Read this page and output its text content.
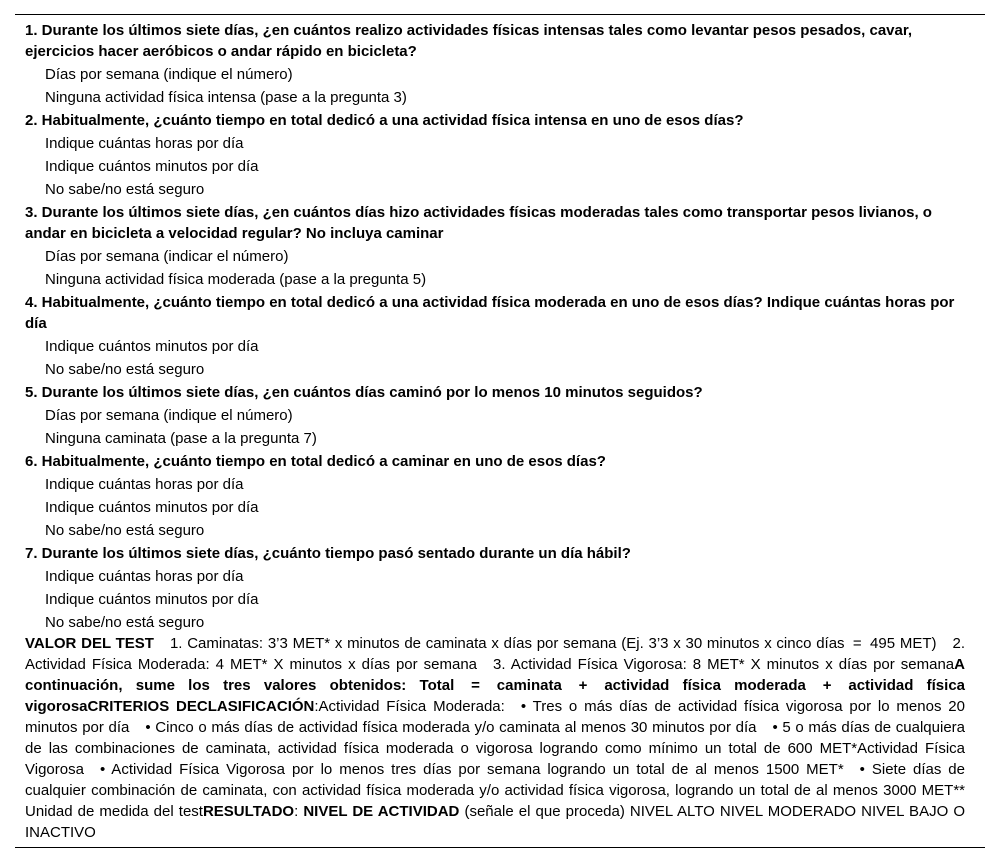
1. Durante los últimos siete días, ¿en cuántos realizo actividades físicas intensas tales como levantar pesos pesados, cavar, ejercicios hacer aeróbicos o andar rápido en bicicleta?
Días por semana (indique el número)
Ninguna actividad física intensa (pase a la pregunta 3)
2. Habitualmente, ¿cuánto tiempo en total dedicó a una actividad física intensa en uno de esos días?
Indique cuántas horas por día
Indique cuántos minutos por día
No sabe/no está seguro
3. Durante los últimos siete días, ¿en cuántos días hizo actividades físicas moderadas tales como transportar pesos livianos, o andar en bicicleta a velocidad regular? No incluya caminar
Días por semana (indicar el número)
Ninguna actividad física moderada (pase a la pregunta 5)
4. Habitualmente, ¿cuánto tiempo en total dedicó a una actividad física moderada en uno de esos días? Indique cuántas horas por día
Indique cuántos minutos por día
No sabe/no está seguro
5. Durante los últimos siete días, ¿en cuántos días caminó por lo menos 10 minutos seguidos?
Días por semana (indique el número)
Ninguna caminata (pase a la pregunta 7)
6. Habitualmente, ¿cuánto tiempo en total dedicó a caminar en uno de esos días?
Indique cuántas horas por día
Indique cuántos minutos por día
No sabe/no está seguro
7. Durante los últimos siete días, ¿cuánto tiempo pasó sentado durante un día hábil?
Indique cuántas horas por día
Indique cuántos minutos por día
No sabe/no está seguro
VALOR DEL TEST 1. Caminatas: 3’3 MET* x minutos de caminata x días por semana (Ej. 3’3 x 30 minutos x cinco días = 495 MET) 2. Actividad Física Moderada: 4 MET* X minutos x días por semana 3. Actividad Física Vigorosa: 8 MET* X minutos x días por semanaA continuación, sume los tres valores obtenidos: Total = caminata + actividad física moderada + actividad física vigorosaCRITERIOS DECLASIFICACIÓN:Actividad Física Moderada: • Tres o más días de actividad física vigorosa por lo menos 20 minutos por día • Cinco o más días de actividad física moderada y/o caminata al menos 30 minutos por día • 5 o más días de cualquiera de las combinaciones de caminata, actividad física moderada o vigorosa logrando como mínimo un total de 600 MET*Actividad Física Vigorosa • Actividad Física Vigorosa por lo menos tres días por semana logrando un total de al menos 1500 MET* • Siete días de cualquier combinación de caminata, con actividad física moderada y/o actividad física vigorosa, logrando un total de al menos 3000 MET** Unidad de medida del testRESULTADO: NIVEL DE ACTIVIDAD (señale el que proceda) NIVEL ALTO NIVEL MODERADO NIVEL BAJO O INACTIVO
